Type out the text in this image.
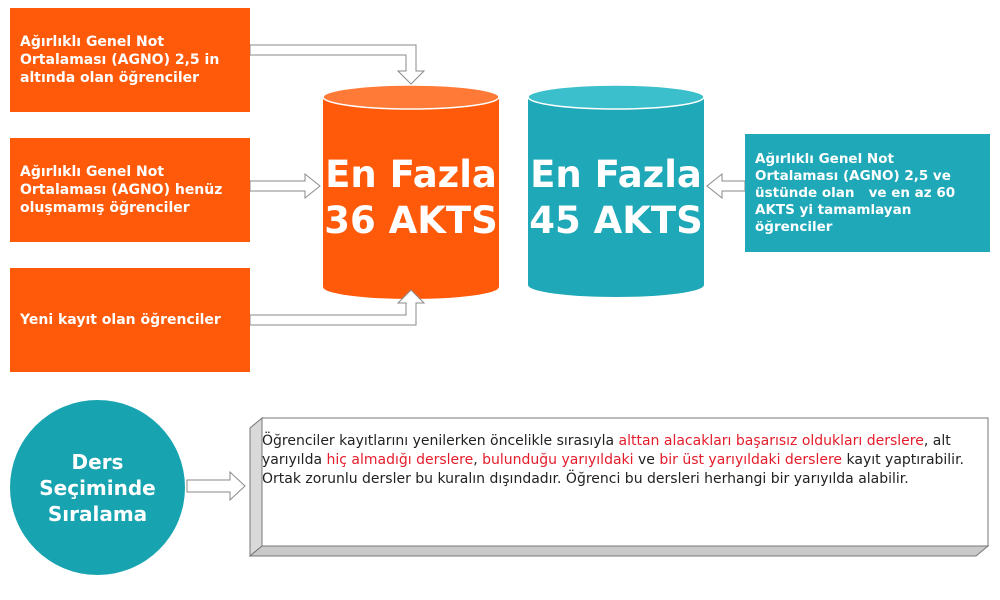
Ağırlıklı Genel Not Ortalaması (AGNO) 2,5 in altında olan öğrenciler
Ağırlıklı Genel Not Ortalaması (AGNO) henüz oluşmamış öğrenciler
Yeni kayıt olan öğrenciler
En Fazla
36 AKTS
En Fazla
45 AKTS
Ağırlıklı Genel Not Ortalaması (AGNO) 2,5 ve üstünde olan   ve en az 60 AKTS yi tamamlayan öğrenciler
Ders
Seçiminde
Sıralama
Öğrenciler kayıtlarını yenilerken öncelikle sırasıyla alttan alacakları başarısız oldukları derslere, alt yarıyılda hiç almadığı derslere, bulunduğu yarıyıldaki ve bir üst yarıyıldaki derslere kayıt yaptırabilir. Ortak zorunlu dersler bu kuralın dışındadır. Öğrenci bu dersleri herhangi bir yarıyılda alabilir.
